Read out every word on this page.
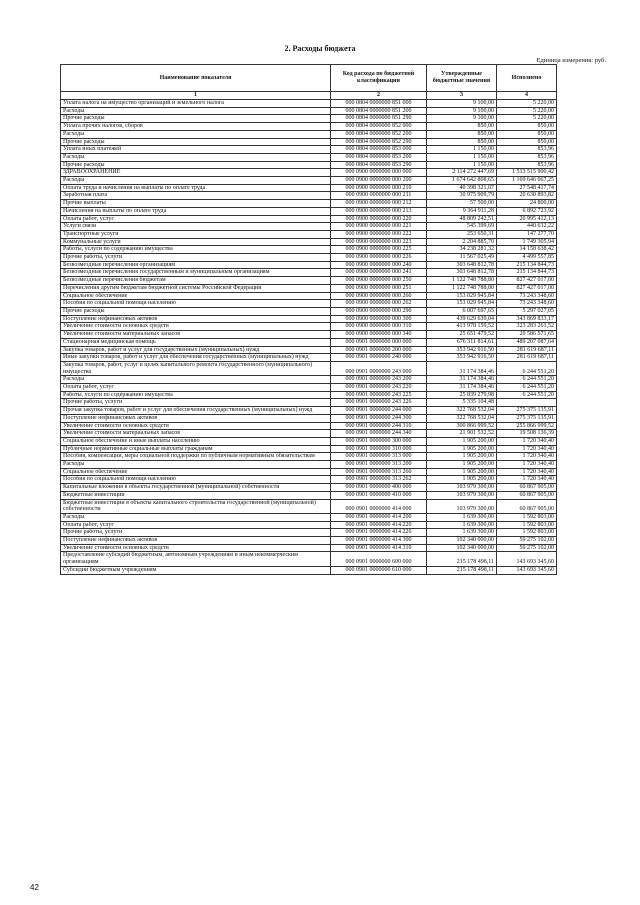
2. Расходы бюджета
Единица измерения: руб.
Наименование показателя	Код расхода по бюджетной классификации	Утвержденные бюджетные значения	Исполнено
1	2	3	4
Уплата налога на имущество организаций и земельного налога	000 0804 0000000 851 000	9 100,00	5 220,00
Расходы	000 0804 0000000 851 200	9 100,00	5 220,00
Прочие расходы	000 0804 0000000 851 290	9 100,00	5 220,00
Уплата прочих налогов, сборов	000 0804 0000000 852 000	850,00	850,00
Расходы	000 0804 0000000 852 200	850,00	850,00
Прочие расходы	000 0804 0000000 852 290	850,00	850,00
Уплата иных платежей	000 0804 0000000 853 000	1 150,00	853,96
Расходы	000 0804 0000000 853 200	1 150,00	853,96
Прочие расходы	000 0804 0000000 853 290	1 150,00	853,96
ЗДРАВООХРАНЕНИЕ	000 0900 0000000 000 000	2 114 272 447,69	1 513 515 900,42
Расходы	000 0900 0000000 000 200	1 674 642 808,65	1 169 646 067,25
Оплата труда и начисления на выплаты по оплате труда	000 0900 0000000 000 210	40 398 321,07	27 548 417,74
Заработная плата	000 0900 0000000 000 211	30 975 909,79	20 630 893,82
Прочие выплаты	000 0900 0000000 000 212	57 500,00	24 800,00
Начисления на выплаты по оплате труда	000 0900 0000000 000 213	9 364 911,28	6 892 723,92
Оплата работ, услуг	000 0900 0000000 000 220	48 809 242,51	20 995 412,13
Услуги связи	000 0900 0000000 000 221	545 399,69	440 632,22
Транспортные услуги	000 0900 0000000 000 222	253 650,31	147 277,70
Коммунальные услуги	000 0900 0000000 000 223	2 204 885,70	1 749 305,94
Работы, услуги по содержанию имущества	000 0900 0000000 000 225	34 238 281,32	14 158 638,42
Прочие работы, услуги	000 0900 0000000 000 226	11 567 025,49	4 499 557,85
Безвозмездные перечисления организациям	000 0900 0000000 000 240	303 648 812,78	215 134 844,73
Безвозмездные перечисления государственным и муниципальным организациям	000 0900 0000000 000 241	303 648 812,78	215 134 844,73
Безвозмездные перечисления бюджетам	000 0900 0000000 000 250	1 122 748 788,80	827 427 017,00
Перечисления другим бюджетам бюджетной системы Российской Федерации	000 0900 0000000 000 251	1 122 748 788,80	827 427 017,00
Социальное обеспечение	000 0900 0000000 000 260	153 029 945,84	73 243 348,60
Пособия по социальной помощи населению	000 0900 0000000 000 262	153 029 945,84	73 243 348,60
Прочие расходы	000 0900 0000000 000 290	6 007 697,65	5 297 027,05
Поступление нефинансовых активов	000 0900 0000000 000 300	439 629 639,04	343 869 833,17
Увеличение стоимости основных средств	000 0900 0000000 000 310	413 978 159,52	323 283 261,52
Увеличение стоимости материальных запасов	000 0900 0000000 000 340	25 651 479,52	20 586 571,65
Стационарная медицинская помощь	000 0901 0000000 000 000	676 311 814,61	489 207 087,64
Закупка товаров, работ и услуг для государственных (муниципальных) нужд	000 0901 0000000 200 000	353 942 916,50	281 619 687,11
Иные закупки товаров, работ и услуг для обеспечения государственных (муниципальных) нужд	000 0901 0000000 240 000	353 942 916,50	281 619 687,11
Закупка товаров, работ, услуг в целях капитального ремонта государственного (муниципального) имущества	000 0901 0000000 243 000	31 174 384,46	6 244 551,20
Расходы	000 0901 0000000 243 200	31 174 384,46	6 244 551,20
Оплата работ, услуг	000 0901 0000000 243 220	31 174 384,46	6 244 551,20
Работы, услуги по содержанию имущества	000 0901 0000000 243 225	25 839 279,98	6 244 551,20
Прочие работы, услуги	000 0901 0000000 243 226	5 335 104,48	
Прочая закупка товаров, работ и услуг для обеспечения государственных (муниципальных) нужд	000 0901 0000000 244 000	322 768 532,04	275 375 135,91
Поступление нефинансовых активов	000 0901 0000000 244 300	322 768 532,04	275 375 135,91
Увеличение стоимости основных средств	000 0901 0000000 244 310	300 866 999,52	255 866 999,52
Увеличение стоимости материальных запасов	000 0901 0000000 244 340	21 901 532,52	19 508 136,39
Социальное обеспечение и иные выплаты населению	000 0901 0000000 300 000	1 905 200,00	1 720 340,40
Публичные нормативные социальные выплаты гражданам	000 0901 0000000 310 000	1 905 200,00	1 720 340,40
Пособия, компенсации, меры социальной поддержки по публичным нормативным обязательствам	000 0901 0000000 313 000	1 905 200,00	1 720 340,40
Расходы	000 0901 0000000 313 200	1 905 200,00	1 720 340,40
Социальное обеспечение	000 0901 0000000 313 260	1 905 200,00	1 720 340,40
Пособия по социальной помощи населению	000 0901 0000000 313 262	1 905 200,00	1 720 340,40
Капитальные вложения в объекты государственной (муниципальной) собственности	000 0901 0000000 400 000	103 979 300,00	60 867 905,00
Бюджетные инвестиции	000 0901 0000000 410 000	103 979 300,00	60 867 905,00
Бюджетные инвестиции в объекты капитального строительства государственной (муниципальной) собственности	000 0901 0000000 414 000	103 979 300,00	60 867 905,00
Расходы	000 0901 0000000 414 200	1 639 300,00	1 592 803,00
Оплата работ, услуг	000 0901 0000000 414 220	1 639 300,00	1 592 803,00
Прочие работы, услуги	000 0901 0000000 414 226	1 639 300,00	1 592 803,00
Поступление нефинансовых активов	000 0901 0000000 414 300	102 340 000,00	59 275 102,00
Увеличение стоимости основных средств	000 0901 0000000 414 310	102 340 000,00	59 275 102,00
Предоставление субсидий бюджетным, автономным учреждениям и иным некоммерческим организациям	000 0901 0000000 600 000	215 178 498,11	143 693 345,60
Субсидии бюджетным учреждениям	000 0901 0000000 610 000	215 178 498,11	143 693 345,60
42
